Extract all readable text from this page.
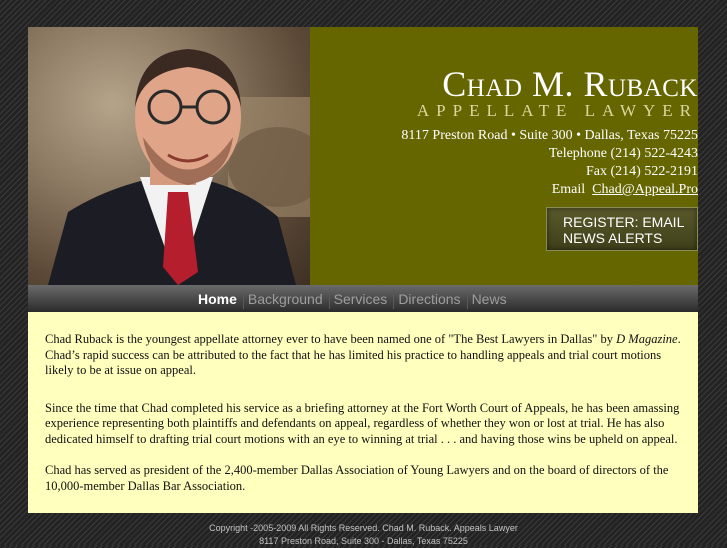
Chad M. Ruback
APPELLATE LAWYER
8117 Preston Road • Suite 300 • Dallas, Texas 75225
Telephone (214) 522-4243
Fax (214) 522-2191
Email Chad@Appeal.Pro
REGISTER: EMAIL
NEWS ALERTS
Home Background Services Directions News

Chad Ruback is the youngest appellate attorney ever to have been named one of "The Best Lawyers in Dallas" by D Magazine. Chad’s rapid success can be attributed to the fact that he has limited his practice to handling appeals and trial court motions likely to be at issue on appeal.

Since the time that Chad completed his service as a briefing attorney at the Fort Worth Court of Appeals, he has been amassing experience representing both plaintiffs and defendants on appeal, regardless of whether they won or lost at trial. He has also dedicated himself to drafting trial court motions with an eye to winning at trial . . . and having those wins be upheld on appeal.

Chad has served as president of the 2,400-member Dallas Association of Young Lawyers and on the board of directors of the 10,000-member Dallas Bar Association.

Copyright -2005-2009 All Rights Reserved. Chad M. Ruback. Appeals Lawyer
8117 Preston Road, Suite 300 - Dallas, Texas 75225
